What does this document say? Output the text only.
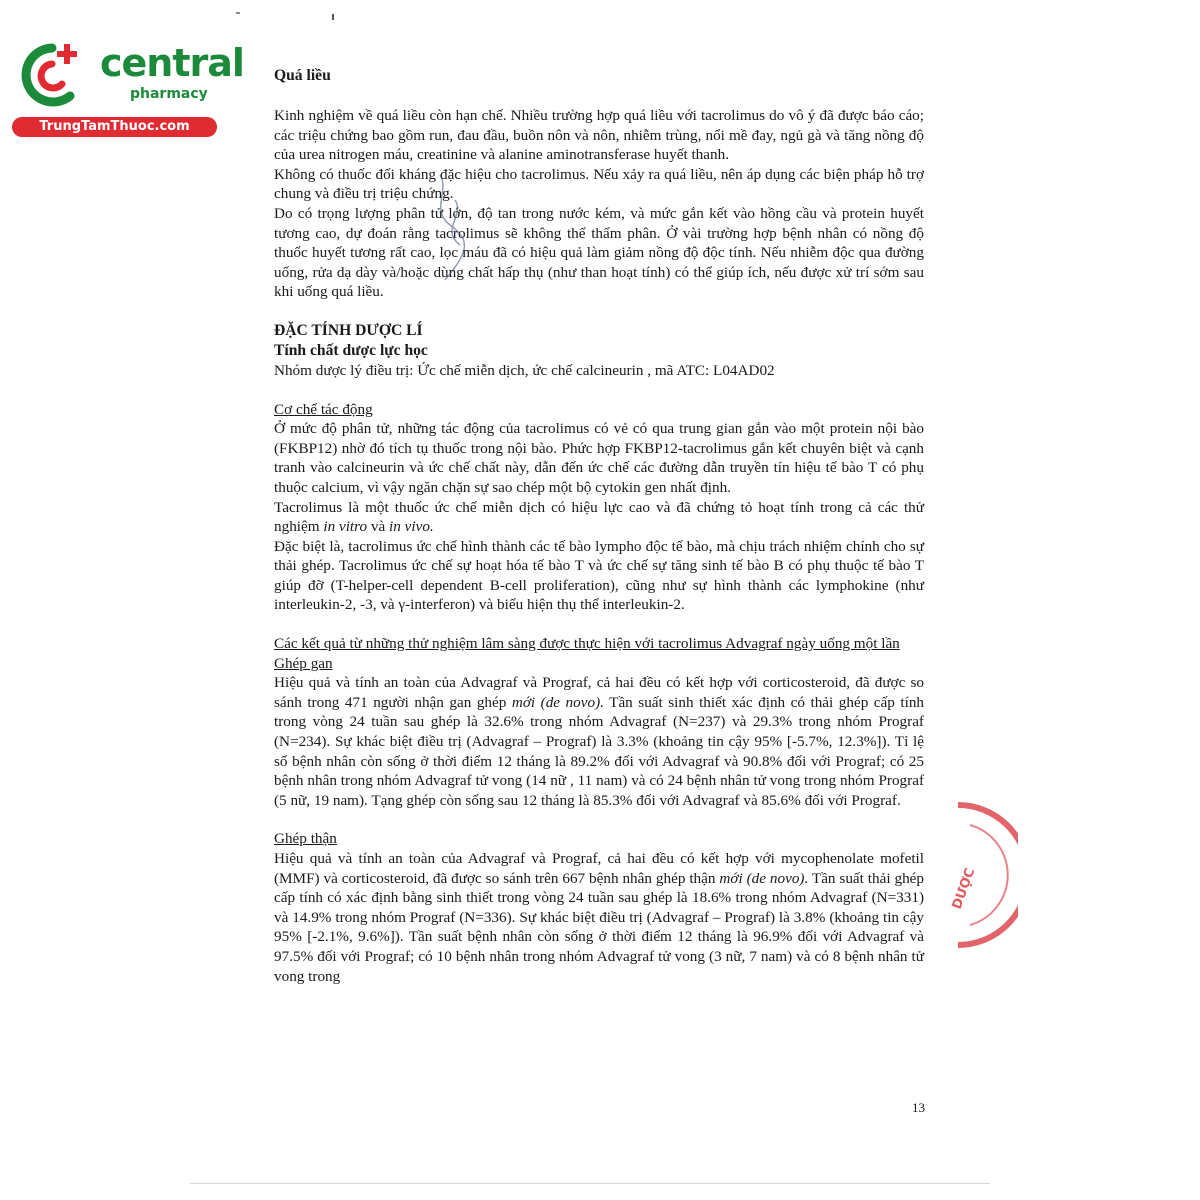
central
pharmacy
TrungTamThuoc.com

Quá liều

Kinh nghiệm về quá liều còn hạn chế. Nhiều trường hợp quá liều với tacrolimus do vô ý đã được báo cáo; các triệu chứng bao gồm run, đau đầu, buồn nôn và nôn, nhiễm trùng, nổi mề đay, ngủ gà và tăng nồng độ của urea nitrogen máu, creatinine và alanine aminotransferase huyết thanh.

Không có thuốc đối kháng đặc hiệu cho tacrolimus. Nếu xảy ra quá liều, nên áp dụng các biện pháp hỗ trợ chung và điều trị triệu chứng.

Do có trọng lượng phân tử lớn, độ tan trong nước kém, và mức gắn kết vào hồng cầu và protein huyết tương cao, dự đoán rằng tacrolimus sẽ không thể thẩm phân. Ở vài trường hợp bệnh nhân có nồng độ thuốc huyết tương rất cao, lọc máu đã có hiệu quả làm giảm nồng độ độc tính. Nếu nhiễm độc qua đường uống, rửa dạ dày và/hoặc dùng chất hấp thụ (như than hoạt tính) có thể giúp ích, nếu được xử trí sớm sau khi uống quá liều.

ĐẶC TÍNH DƯỢC LÍ

Tính chất dược lực học

Nhóm dược lý điều trị: Ức chế miễn dịch, ức chế calcineurin , mã ATC: L04AD02

Cơ chế tác động

Ở mức độ phân tử, những tác động của tacrolimus có vẻ có qua trung gian gắn vào một protein nội bào (FKBP12) nhờ đó tích tụ thuốc trong nội bào. Phức hợp FKBP12-tacrolimus gắn kết chuyên biệt và cạnh tranh vào calcineurin và ức chế chất này, dẫn đến ức chế các đường dẫn truyền tín hiệu tế bào T có phụ thuộc calcium, vì vậy ngăn chặn sự sao chép một bộ cytokin gen nhất định.

Tacrolimus là một thuốc ức chế miễn dịch có hiệu lực cao và đã chứng tỏ hoạt tính trong cả các thử nghiệm in vitro và in vivo.

Đặc biệt là, tacrolimus ức chế hình thành các tế bào lympho độc tế bào, mà chịu trách nhiệm chính cho sự thải ghép. Tacrolimus ức chế sự hoạt hóa tế bào T và ức chế sự tăng sinh tế bào B có phụ thuộc tế bào T giúp đỡ (T-helper-cell dependent B-cell proliferation), cũng như sự hình thành các lymphokine (như interleukin-2, -3, và γ-interferon) và biểu hiện thụ thể interleukin-2.

Các kết quả từ những thử nghiệm lâm sàng được thực hiện với tacrolimus Advagraf ngày uống một lần

Ghép gan

Hiệu quả và tính an toàn của Advagraf và Prograf, cả hai đều có kết hợp với corticosteroid, đã được so sánh trong 471 người nhận gan ghép mới (de novo). Tần suất sinh thiết xác định có thải ghép cấp tính trong vòng 24 tuần sau ghép là 32.6% trong nhóm Advagraf (N=237) và 29.3% trong nhóm Prograf (N=234). Sự khác biệt điều trị (Advagraf – Prograf) là 3.3% (khoảng tin cậy 95% [-5.7%, 12.3%]). Tỉ lệ số bệnh nhân còn sống ở thời điểm 12 tháng là 89.2% đối với Advagraf và 90.8% đối với Prograf; có 25 bệnh nhân trong nhóm Advagraf tử vong (14 nữ , 11 nam) và có 24 bệnh nhân tử vong trong nhóm Prograf (5 nữ, 19 nam). Tạng ghép còn sống sau 12 tháng là 85.3% đối với Advagraf và 85.6% đối với Prograf.

Ghép thận

Hiệu quả và tính an toàn của Advagraf và Prograf, cả hai đều có kết hợp với mycophenolate mofetil (MMF) và corticosteroid, đã được so sánh trên 667 bệnh nhân ghép thận mới (de novo). Tần suất thải ghép cấp tính có xác định bằng sinh thiết trong vòng 24 tuần sau ghép là 18.6% trong nhóm Advagraf (N=331) và 14.9% trong nhóm Prograf (N=336). Sự khác biệt điều trị (Advagraf – Prograf) là 3.8% (khoảng tin cậy 95% [-2.1%, 9.6%]). Tần suất bệnh nhân còn sống ở thời điểm 12 tháng là 96.9% đối với Advagraf và 97.5% đối với Prograf; có 10 bệnh nhân trong nhóm Advagraf tử vong (3 nữ, 7 nam) và có 8 bệnh nhân tử vong trong

DƯỢC
13
